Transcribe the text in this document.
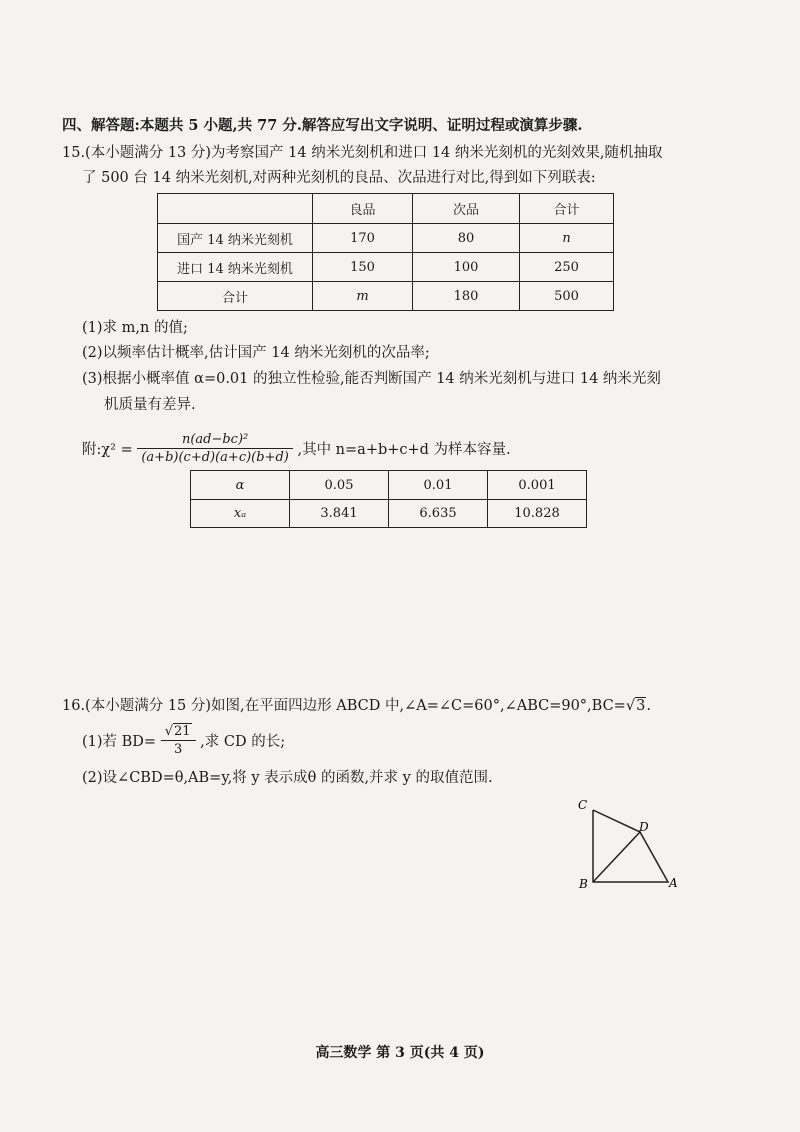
四、解答题:本题共 5 小题,共 77 分.解答应写出文字说明、证明过程或演算步骤.
15.(本小题满分 13 分)为考察国产 14 纳米光刻机和进口 14 纳米光刻机的光刻效果,随机抽取
了 500 台 14 纳米光刻机,对两种光刻机的良品、次品进行对比,得到如下列联表:
	良品	次品	合计
国产 14 纳米光刻机	170	80	n
进口 14 纳米光刻机	150	100	250
合计	m	180	500
(1)求 m,n 的值;
(2)以频率估计概率,估计国产 14 纳米光刻机的次品率;
(3)根据小概率值 α=0.01 的独立性检验,能否判断国产 14 纳米光刻机与进口 14 纳米光刻
机质量有差异.
附:χ² = $\frac{\text{n(ad−bc)²}}{(a+b)(c+d)(a+c)(b+d)}$ ,其中 n=a+b+c+d 为样本容量.
α	0.05	0.01	0.001
xₐ	3.841	6.635	10.828
16.(本小题满分 15 分)如图,在平面四边形 ABCD 中,∠A=∠C=60°,∠ABC=90°,BC=√3.
(1)若 $BD= \frac{√21}{3}$ ,求 CD 的长;
(2)设∠CBD=θ,AB=y,将 y 表示成θ 的函数,并求 y 的取值范围.
C
D
B	A
高三数学 第 3 页(共 4 页)
